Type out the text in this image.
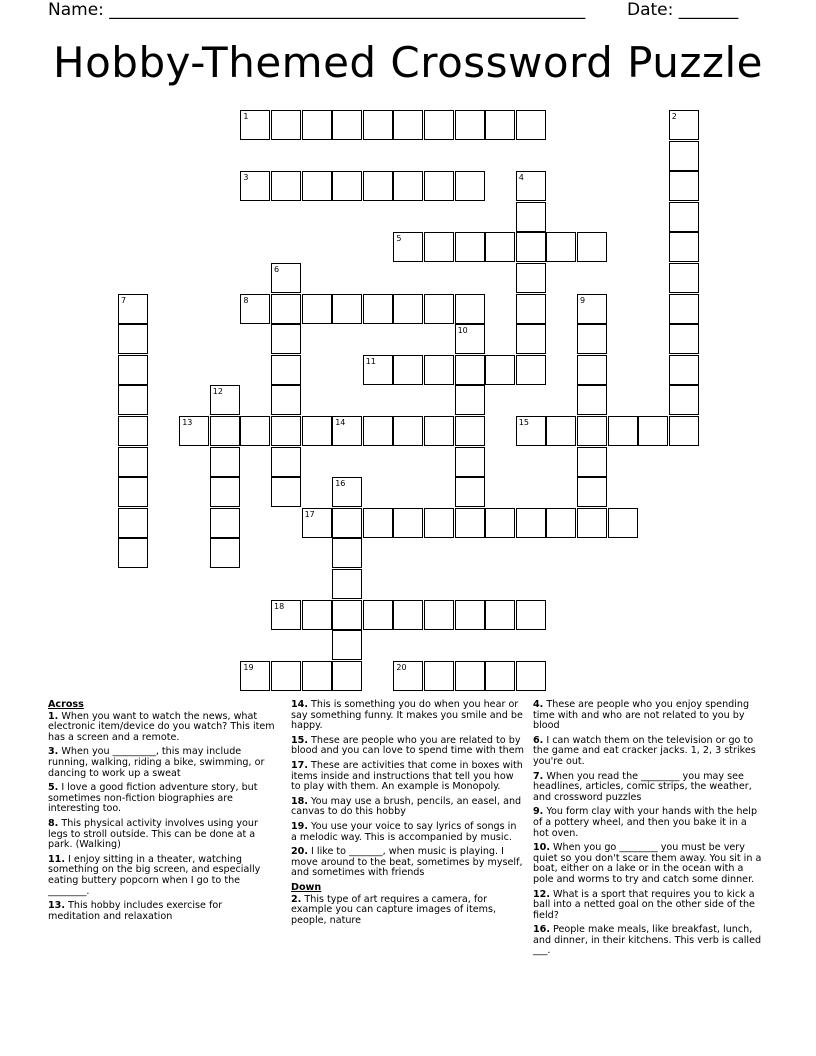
Name: ________________________________________________________ Date: _______
Hobby-Themed Crossword Puzzle
1	2
3	4
5
6
7	8	9
10
11
12
13	14	15
16
17
18
19	20
Across
1. When you want to watch the news, what electronic item/device do you watch? This item has a screen and a remote.
3. When you _________, this may include running, walking, riding a bike, swimming, or dancing to work up a sweat
5. I love a good fiction adventure story, but sometimes non-fiction biographies are interesting too.
8. This physical activity involves using your legs to stroll outside. This can be done at a park. (Walking)
11. I enjoy sitting in a theater, watching something on the big screen, and especially eating buttery popcorn when I go to the ________.
13. This hobby includes exercise for meditation and relaxation
14. This is something you do when you hear or say something funny. It makes you smile and be happy.
15. These are people who you are related to by blood and you can love to spend time with them
17. These are activities that come in boxes with items inside and instructions that tell you how to play with them. An example is Monopoly.
18. You may use a brush, pencils, an easel, and canvas to do this hobby
19. You use your voice to say lyrics of songs in a melodic way. This is accompanied by music.
20. I like to _______, when music is playing. I move around to the beat, sometimes by myself, and sometimes with friends
Down
2. This type of art requires a camera, for example you can capture images of items, people, nature
4. These are people who you enjoy spending time with and who are not related to you by blood
6. I can watch them on the television or go to the game and eat cracker jacks. 1, 2, 3 strikes you're out.
7. When you read the ________ you may see headlines, articles, comic strips, the weather, and crossword puzzles
9. You form clay with your hands with the help of a pottery wheel, and then you bake it in a hot oven.
10. When you go ________ you must be very quiet so you don't scare them away. You sit in a boat, either on a lake or in the ocean with a pole and worms to try and catch some dinner.
12. What is a sport that requires you to kick a ball into a netted goal on the other side of the field?
16. People make meals, like breakfast, lunch, and dinner, in their kitchens. This verb is called ___.
